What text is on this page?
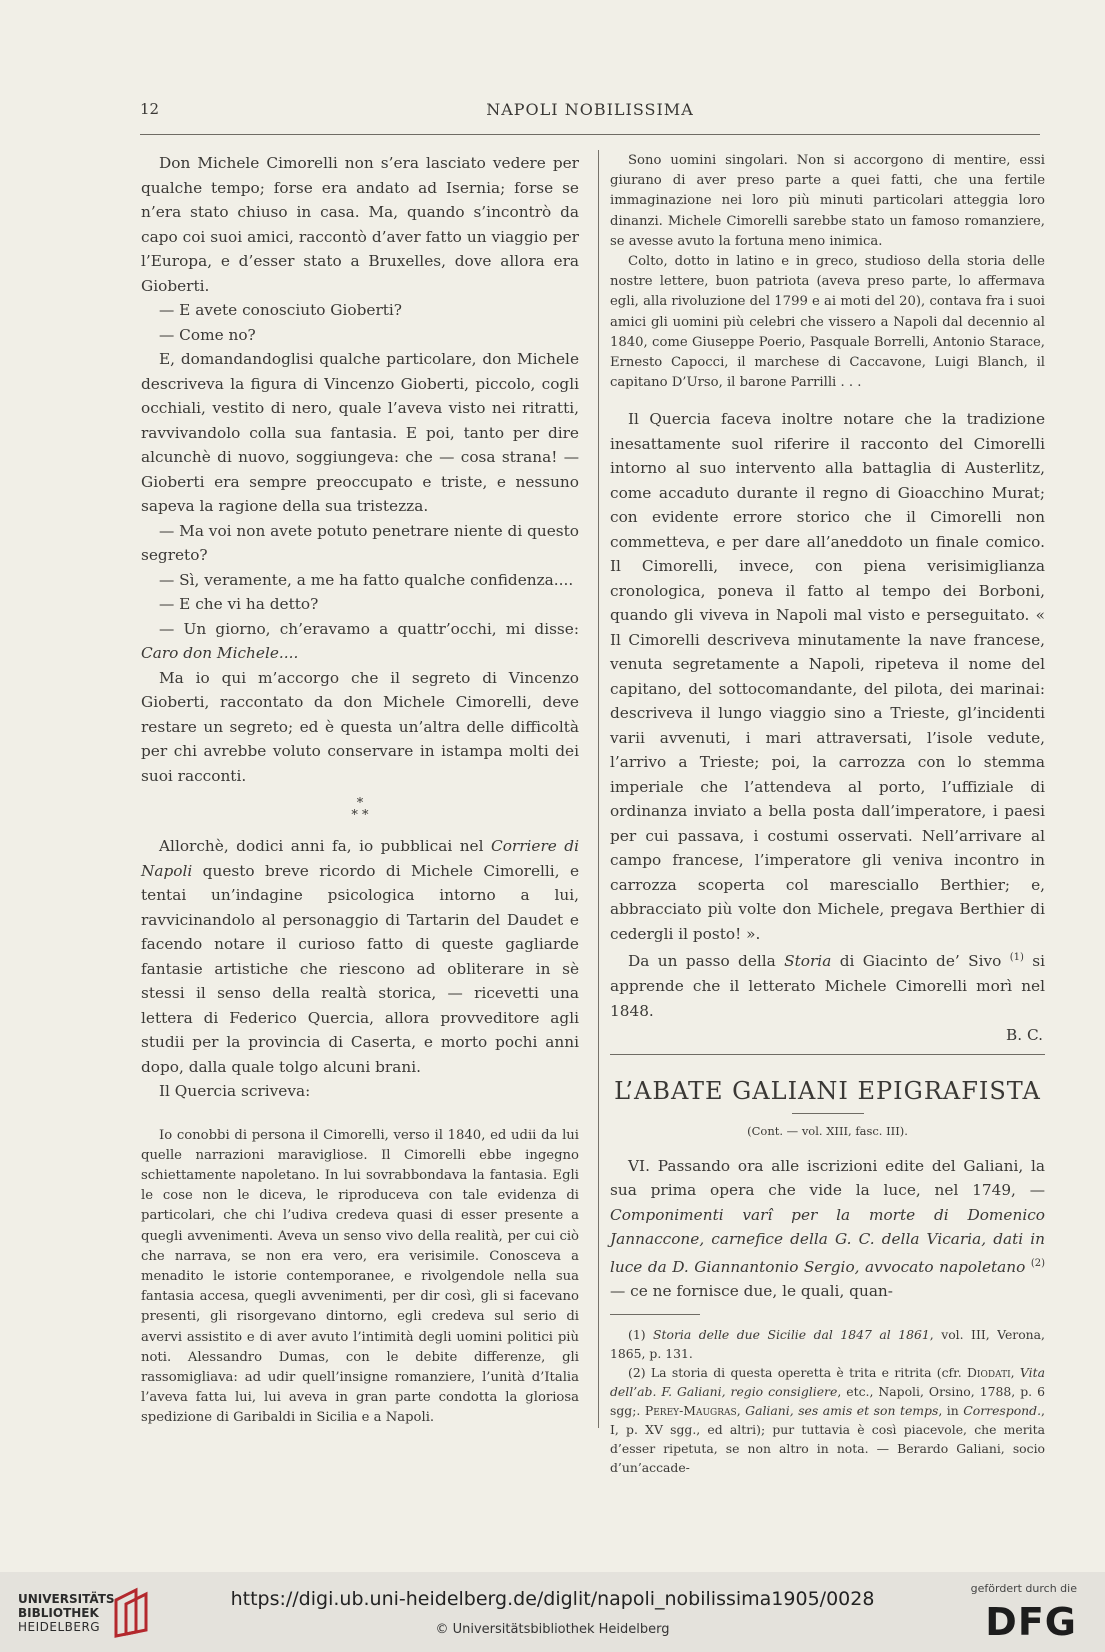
12	NAPOLI NOBILISSIMA

Don Michele Cimorelli non s’era lasciato vedere per qualche tempo; forse era andato ad Isernia; forse se n’era stato chiuso in casa. Ma, quando s’incontrò da capo coi suoi amici, raccontò d’aver fatto un viaggio per l’Europa, e d’esser stato a Bruxelles, dove allora era Gioberti.

— E avete conosciuto Gioberti?

— Come no?

E, domandandoglisi qualche particolare, don Michele descriveva la figura di Vincenzo Gioberti, piccolo, cogli occhiali, vestito di nero, quale l’aveva visto nei ritratti, ravvivandolo colla sua fantasia. E poi, tanto per dire alcunchè di nuovo, soggiungeva: che — cosa strana! — Gioberti era sempre preoccupato e triste, e nessuno sapeva la ragione della sua tristezza.

— Ma voi non avete potuto penetrare niente di questo segreto?

— Sì, veramente, a me ha fatto qualche confidenza....

— E che vi ha detto?

— Un giorno, ch’eravamo a quattr’occhi, mi disse: Caro don Michele....

Ma io qui m’accorgo che il segreto di Vincenzo Gioberti, raccontato da don Michele Cimorelli, deve restare un segreto; ed è questa un’altra delle difficoltà per chi avrebbe voluto conservare in istampa molti dei suoi racconti.

*
* *

Allorchè, dodici anni fa, io pubblicai nel Corriere di Napoli questo breve ricordo di Michele Cimorelli, e tentai un’indagine psicologica intorno a lui, ravvicinandolo al personaggio di Tartarin del Daudet e facendo notare il curioso fatto di queste gagliarde fantasie artistiche che riescono ad obliterare in sè stessi il senso della realtà storica, — ricevetti una lettera di Federico Quercia, allora provveditore agli studii per la provincia di Caserta, e morto pochi anni dopo, dalla quale tolgo alcuni brani.

Il Quercia scriveva:

Io conobbi di persona il Cimorelli, verso il 1840, ed udii da lui quelle narrazioni maravigliose. Il Cimorelli ebbe ingegno schiettamente napoletano. In lui sovrabbondava la fantasia. Egli le cose non le diceva, le riproduceva con tale evidenza di particolari, che chi l’udiva credeva quasi di esser presente a quegli avvenimenti. Aveva un senso vivo della realità, per cui ciò che narrava, se non era vero, era verisimile. Conosceva a menadito le istorie contemporanee, e rivolgendole nella sua fantasia accesa, quegli avvenimenti, per dir così, gli si facevano presenti, gli risorgevano dintorno, egli credeva sul serio di avervi assistito e di aver avuto l’intimità degli uomini politici più noti. Alessandro Dumas, con le debite differenze, gli rassomigliava: ad udir quell’insigne romanziere, l’unità d’Italia l’aveva fatta lui, lui aveva in gran parte condotta la gloriosa spedizione di Garibaldi in Sicilia e a Napoli.

Sono uomini singolari. Non si accorgono di mentire, essi giurano di aver preso parte a quei fatti, che una fertile immaginazione nei loro più minuti particolari atteggia loro dinanzi. Michele Cimorelli sarebbe stato un famoso romanziere, se avesse avuto la fortuna meno inimica.

Colto, dotto in latino e in greco, studioso della storia delle nostre lettere, buon patriota (aveva preso parte, lo affermava egli, alla rivoluzione del 1799 e ai moti del 20), contava fra i suoi amici gli uomini più celebri che vissero a Napoli dal decennio al 1840, come Giuseppe Poerio, Pasquale Borrelli, Antonio Starace, Ernesto Capocci, il marchese di Caccavone, Luigi Blanch, il capitano D’Urso, il barone Parrilli . . .

Il Quercia faceva inoltre notare che la tradizione inesattamente suol riferire il racconto del Cimorelli intorno al suo intervento alla battaglia di Austerlitz, come accaduto durante il regno di Gioacchino Murat; con evidente errore storico che il Cimorelli non commetteva, e per dare all’aneddoto un finale comico. Il Cimorelli, invece, con piena verisimiglianza cronologica, poneva il fatto al tempo dei Borboni, quando gli viveva in Napoli mal visto e perseguitato. « Il Cimorelli descriveva minutamente la nave francese, venuta segretamente a Napoli, ripeteva il nome del capitano, del sottocomandante, del pilota, dei marinai: descriveva il lungo viaggio sino a Trieste, gl’incidenti varii avvenuti, i mari attraversati, l’isole vedute, l’arrivo a Trieste; poi, la carrozza con lo stemma imperiale che l’attendeva al porto, l’uffiziale di ordinanza inviato a bella posta dall’imperatore, i paesi per cui passava, i costumi osservati. Nell’arrivare al campo francese, l’imperatore gli veniva incontro in carrozza scoperta col maresciallo Berthier; e, abbracciato più volte don Michele, pregava Berthier di cedergli il posto! ».

Da un passo della Storia di Giacinto de’ Sivo $^{(1)}$ si apprende che il letterato Michele Cimorelli morì nel 1848.

B. C.
L’ABATE GALIANI EPIGRAFISTA
(Cont. — vol. XIII, fasc. III).

VI. Passando ora alle iscrizioni edite del Galiani, la sua prima opera che vide la luce, nel 1749, — Componimenti varî per la morte di Domenico Jannaccone, carnefice della G. C. della Vicaria, dati in luce da D. Giannantonio Sergio, avvocato napoletano $^{(2)}$ — ce ne fornisce due, le quali, quan-

(1) Storia delle due Sicilie dal 1847 al 1861, vol. III, Verona, 1865, p. 131.

(2) La storia di questa operetta è trita e ritrita (cfr. Diodati, Vita dell’ab. F. Galiani, regio consigliere, etc., Napoli, Orsino, 1788, p. 6 sgg;. Perey-Maugras, Galiani, ses amis et son temps, in Correspond., I, p. XV sgg., ed altri); pur tuttavia è così piacevole, che merita d’esser ripetuta, se non altro in nota. — Berardo Galiani, socio d’un’accade-

UNIVERSITÄTS-
BIBLIOTHEK
HEIDELBERG
https://digi.ub.uni-heidelberg.de/diglit/napoli_nobilissima1905/0028
© Universitätsbibliothek Heidelberg
gefördert durch die
DFG
